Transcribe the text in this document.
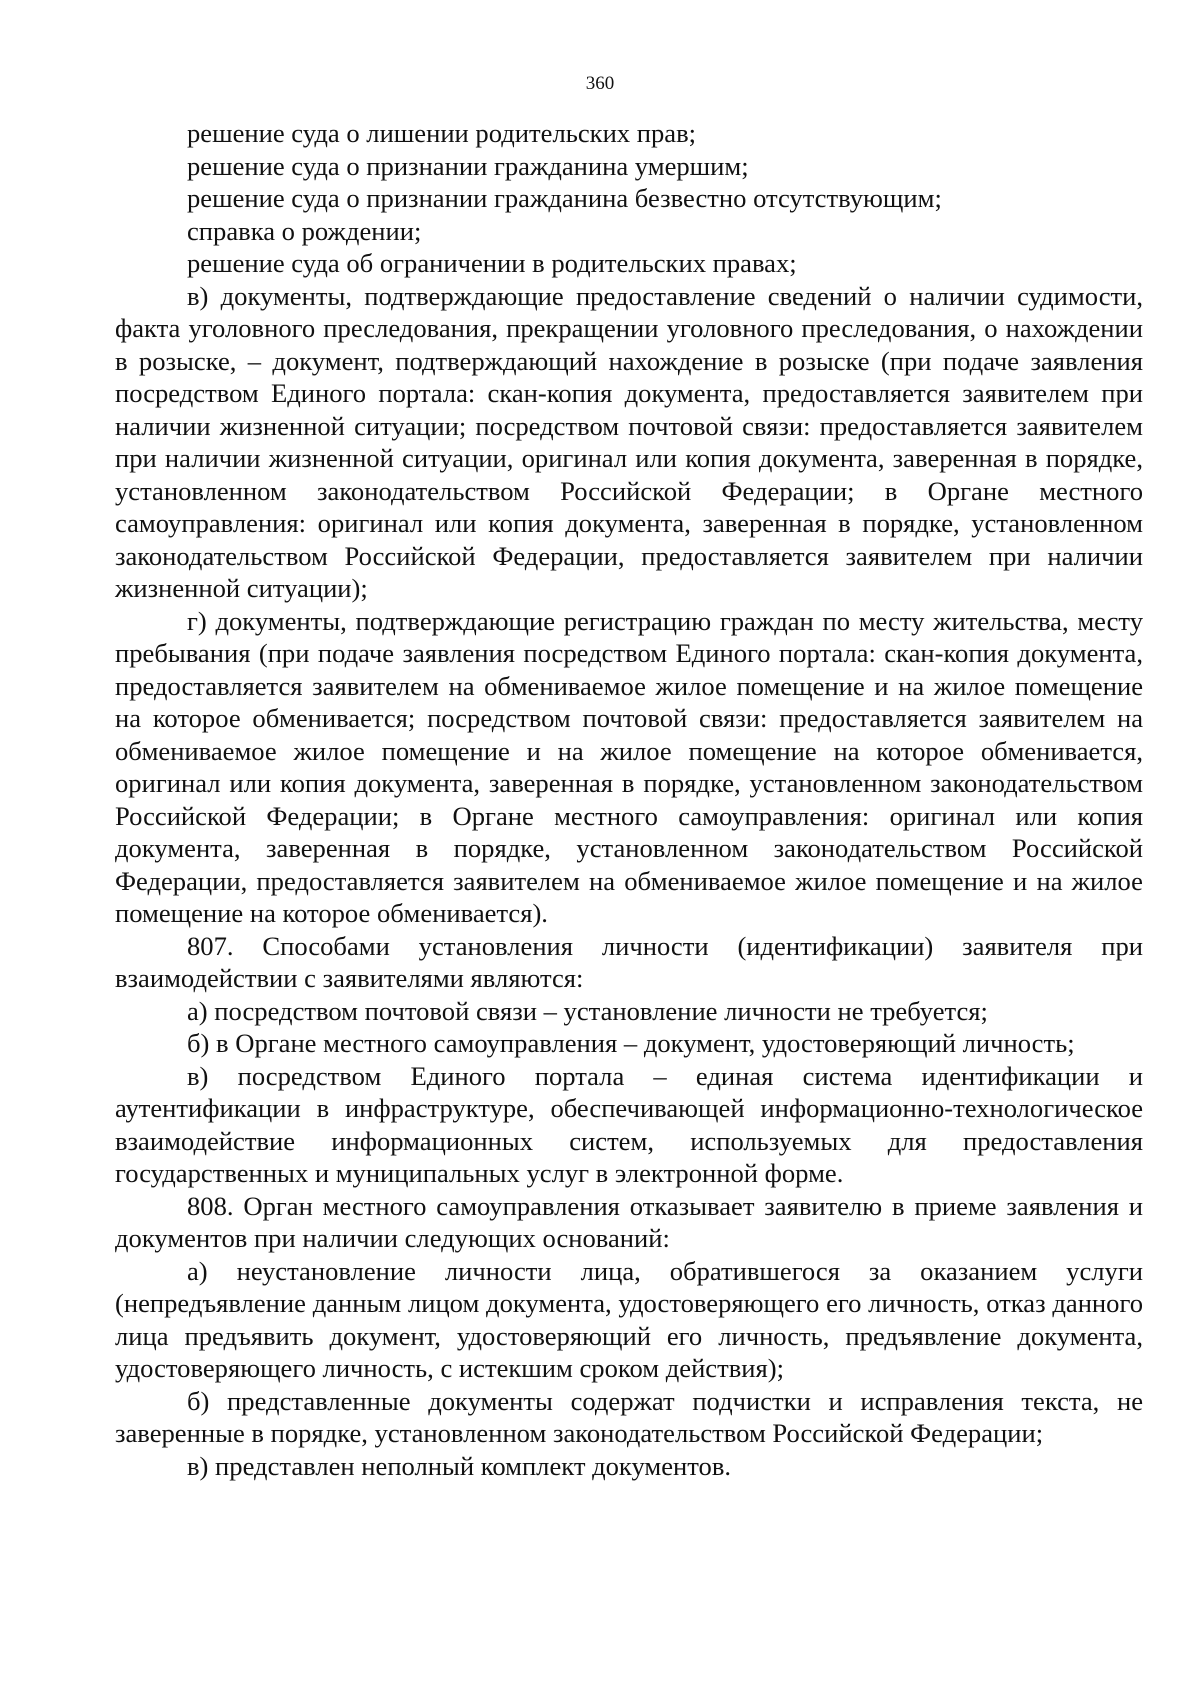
360

решение суда о лишении родительских прав;

решение суда о признании гражданина умершим;

решение суда о признании гражданина безвестно отсутствующим;

справка о рождении;

решение суда об ограничении в родительских правах;

в) документы, подтверждающие предоставление сведений о наличии судимости, факта уголовного преследования, прекращении уголовного преследования, о нахождении в розыске, – документ, подтверждающий нахождение в розыске (при подаче заявления посредством Единого портала: скан-копия документа, предоставляется заявителем при наличии жизненной ситуации; посредством почтовой связи: предоставляется заявителем при наличии жизненной ситуации, оригинал или копия документа, заверенная в порядке, установленном законодательством Российской Федерации; в Органе местного самоуправления: оригинал или копия документа, заверенная в порядке, установленном законодательством Российской Федерации, предоставляется заявителем при наличии жизненной ситуации);

г) документы, подтверждающие регистрацию граждан по месту жительства, месту пребывания (при подаче заявления посредством Единого портала: скан-копия документа, предоставляется заявителем на обмениваемое жилое помещение и на жилое помещение на которое обменивается; посредством почтовой связи: предоставляется заявителем на обмениваемое жилое помещение и на жилое помещение на которое обменивается, оригинал или копия документа, заверенная в порядке, установленном законодательством Российской Федерации; в Органе местного самоуправления: оригинал или копия документа, заверенная в порядке, установленном законодательством Российской Федерации, предоставляется заявителем на обмениваемое жилое помещение и на жилое помещение на которое обменивается).

807. Способами установления личности (идентификации) заявителя при взаимодействии с заявителями являются:

а) посредством почтовой связи – установление личности не требуется;

б) в Органе местного самоуправления – документ, удостоверяющий личность;

в) посредством Единого портала – единая система идентификации и аутентификации в инфраструктуре, обеспечивающей информационно-технологическое взаимодействие информационных систем, используемых для предоставления государственных и муниципальных услуг в электронной форме.

808. Орган местного самоуправления отказывает заявителю в приеме заявления и документов при наличии следующих оснований:

а) неустановление личности лица, обратившегося за оказанием услуги (непредъявление данным лицом документа, удостоверяющего его личность, отказ данного лица предъявить документ, удостоверяющий его личность, предъявление документа, удостоверяющего личность, с истекшим сроком действия);

б) представленные документы содержат подчистки и исправления текста, не заверенные в порядке, установленном законодательством Российской Федерации;

в) представлен неполный комплект документов.
